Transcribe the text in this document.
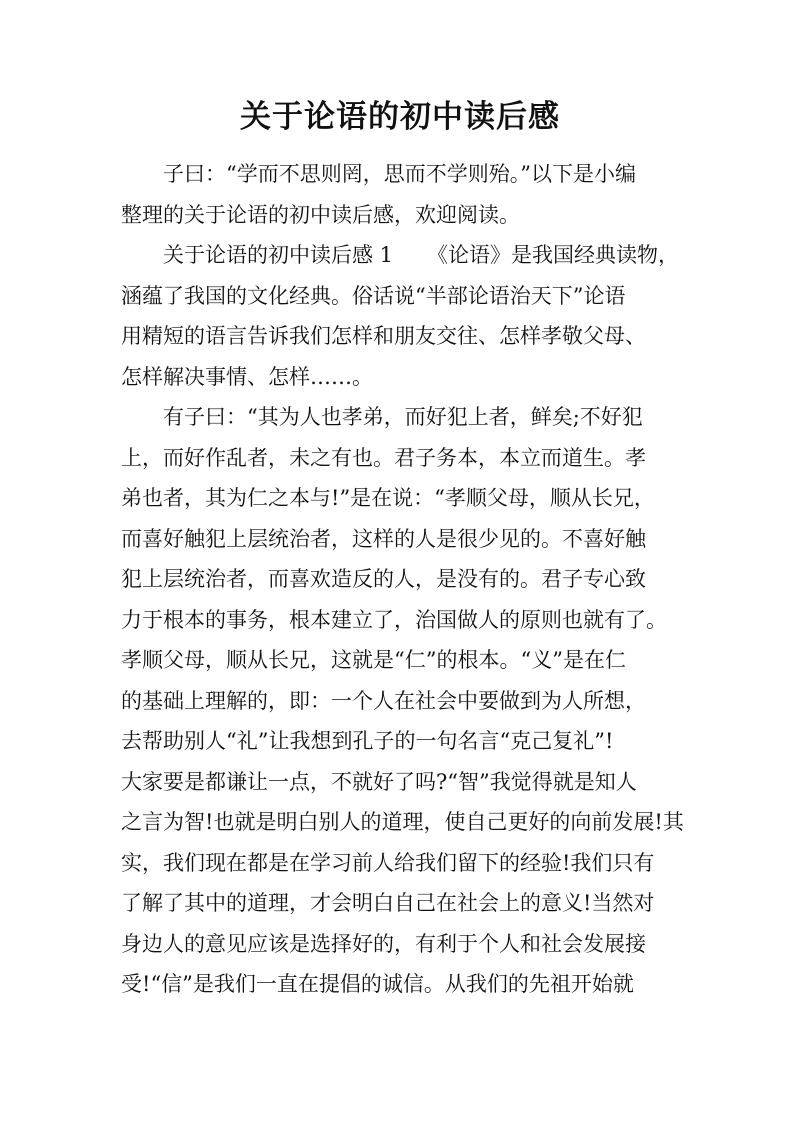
关于论语的初中读后感
子曰：“学而不思则罔，思而不学则殆。”以下是小编
整理的关于论语的初中读后感，欢迎阅读。
关于论语的初中读后感 1 《论语》是我国经典读物，
涵蕴了我国的文化经典。俗话说“半部论语治天下”论语
用精短的语言告诉我们怎样和朋友交往、怎样孝敬父母、
怎样解决事情、怎样……。
有子曰：“其为人也孝弟，而好犯上者，鲜矣;不好犯
上，而好作乱者，未之有也。君子务本，本立而道生。孝
弟也者，其为仁之本与!”是在说：“孝顺父母，顺从长兄，
而喜好触犯上层统治者，这样的人是很少见的。不喜好触
犯上层统治者，而喜欢造反的人，是没有的。君子专心致
力于根本的事务，根本建立了，治国做人的原则也就有了。
孝顺父母，顺从长兄，这就是“仁”的根本。“义”是在仁
的基础上理解的，即：一个人在社会中要做到为人所想，
去帮助别人“礼”让我想到孔子的一句名言“克己复礼”!
大家要是都谦让一点，不就好了吗?“智”我觉得就是知人
之言为智!也就是明白别人的道理，使自己更好的向前发展!其
实，我们现在都是在学习前人给我们留下的经验!我们只有
了解了其中的道理，才会明白自己在社会上的意义!当然对
身边人的意见应该是选择好的，有利于个人和社会发展接
受!“信”是我们一直在提倡的诚信。从我们的先祖开始就
